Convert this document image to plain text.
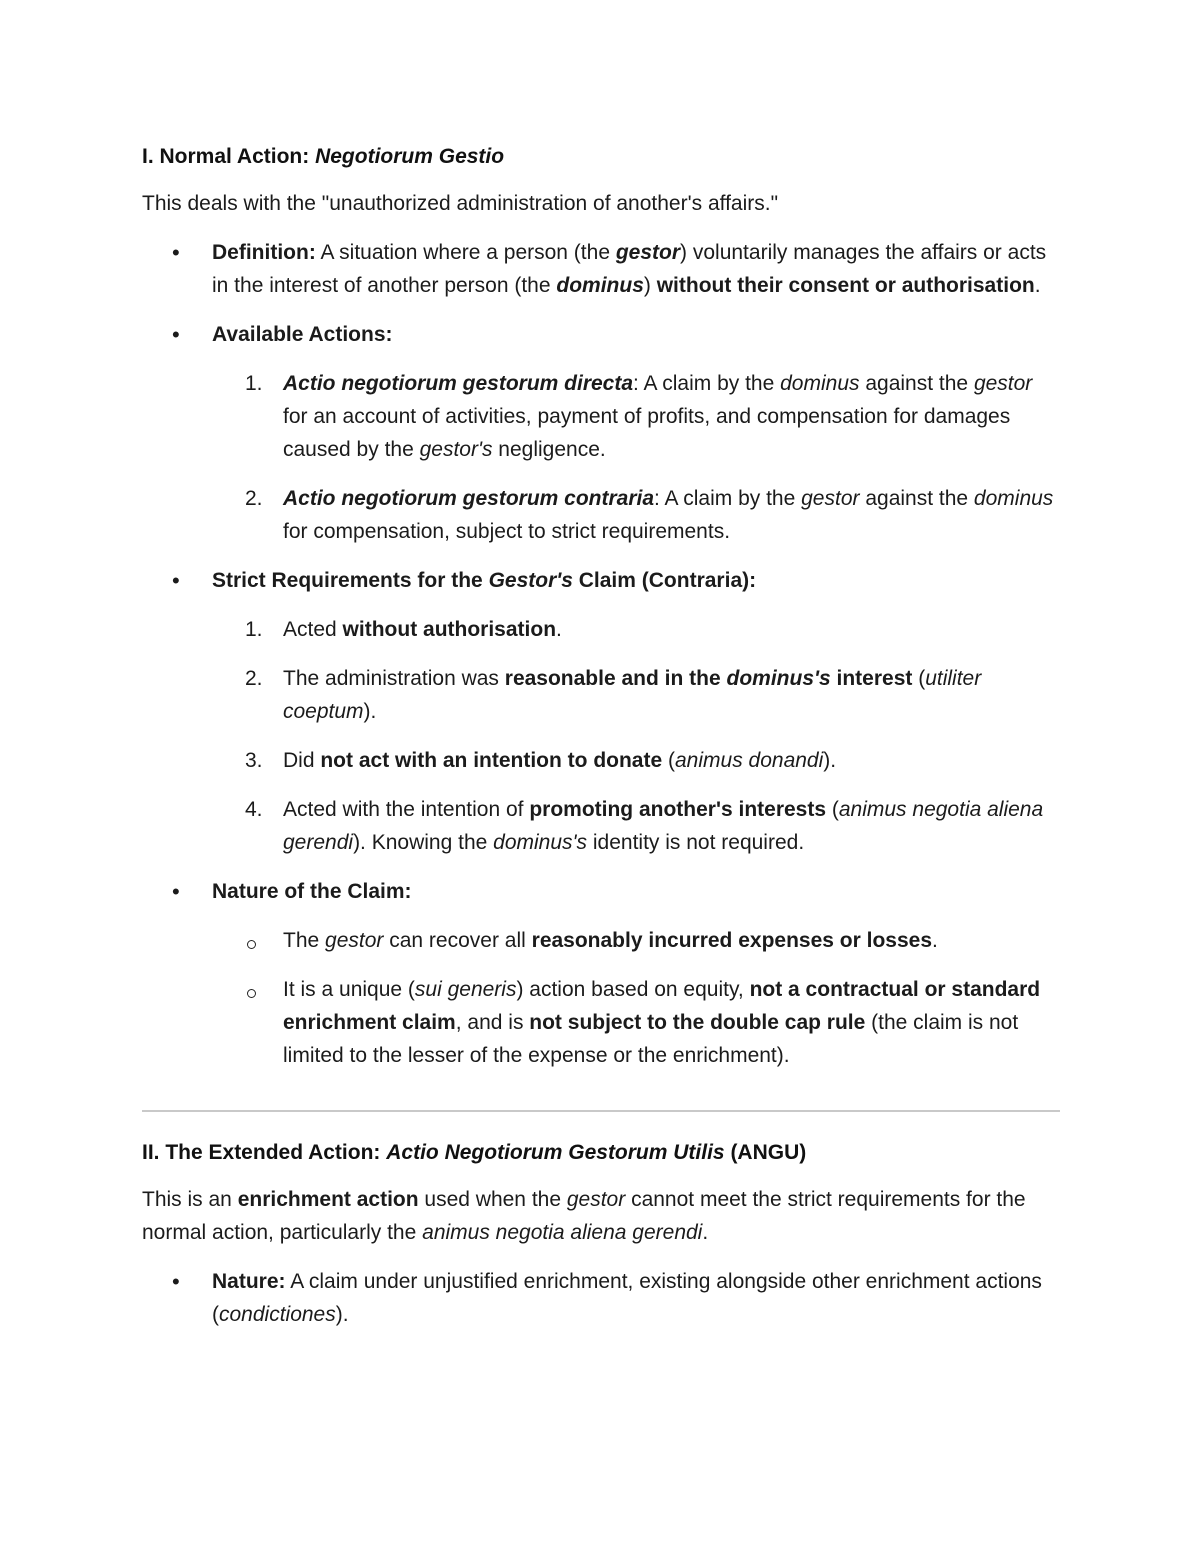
I. Normal Action: Negotiorum Gestio

This deals with the "unauthorized administration of another's affairs."

• Definition: A situation where a person (the gestor) voluntarily manages the affairs or acts in the interest of another person (the dominus) without their consent or authorisation.
• Available Actions:
1. Actio negotiorum gestorum directa: A claim by the dominus against the gestor for an account of activities, payment of profits, and compensation for damages caused by the gestor's negligence.
2. Actio negotiorum gestorum contraria: A claim by the gestor against the dominus for compensation, subject to strict requirements.
• Strict Requirements for the Gestor's Claim (Contraria):
1. Acted without authorisation.
2. The administration was reasonable and in the dominus's interest (utiliter coeptum).
3. Did not act with an intention to donate (animus donandi).
4. Acted with the intention of promoting another's interests (animus negotia aliena gerendi). Knowing the dominus's identity is not required.
• Nature of the Claim:
The gestor can recover all reasonably incurred expenses or losses.
It is a unique (sui generis) action based on equity, not a contractual or standard enrichment claim, and is not subject to the double cap rule (the claim is not limited to the lesser of the expense or the enrichment).
II. The Extended Action: Actio Negotiorum Gestorum Utilis (ANGU)

This is an enrichment action used when the gestor cannot meet the strict requirements for the normal action, particularly the animus negotia aliena gerendi.

• Nature: A claim under unjustified enrichment, existing alongside other enrichment actions (condictiones).
